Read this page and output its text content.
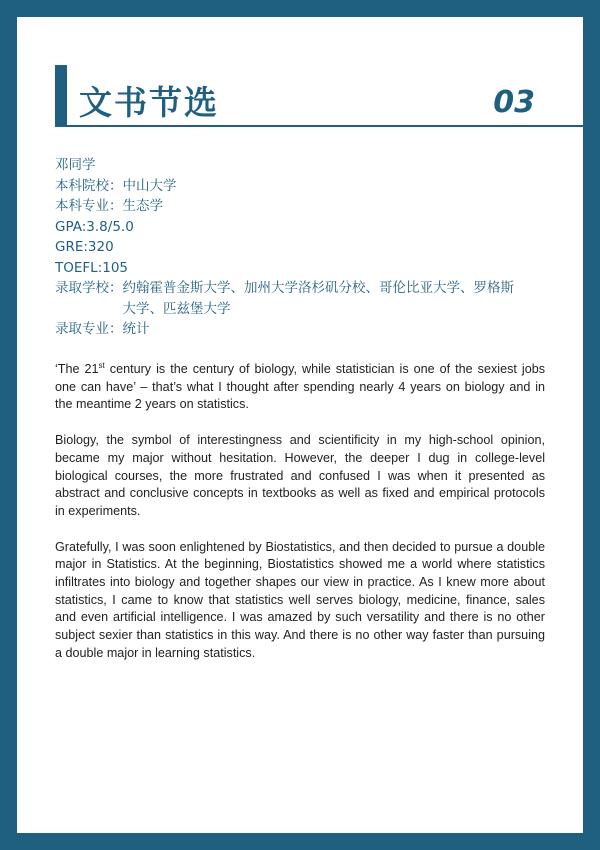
文书节选	03
邓同学
本科院校： 中山大学
本科专业： 生态学
GPA: 3.8/5.0
GRE: 320
TOEFL: 105
录取学校： 约翰霍普金斯大学、加州大学洛杉矶分校、哥伦比亚大学、罗格斯大学、匹兹堡大学
录取专业： 统计

‘The 21st century is the century of biology, while statistician is one of the sexiest jobs one can have’ – that’s what I thought after spending nearly 4 years on biology and in the meantime 2 years on statistics.

Biology, the symbol of interestingness and scientificity in my high-school opinion, became my major without hesitation. However, the deeper I dug in college-level biological courses, the more frustrated and confused I was when it presented as abstract and conclusive concepts in textbooks as well as fixed and empirical protocols in experiments.

Gratefully, I was soon enlightened by Biostatistics, and then decided to pursue a double major in Statistics. At the beginning, Biostatistics showed me a world where statistics infiltrates into biology and together shapes our view in practice. As I knew more about statistics, I came to know that statistics well serves biology, medicine, finance, sales and even artificial intelligence. I was amazed by such versatility and there is no other subject sexier than statistics in this way. And there is no other way faster than pursuing a double major in learning statistics.
